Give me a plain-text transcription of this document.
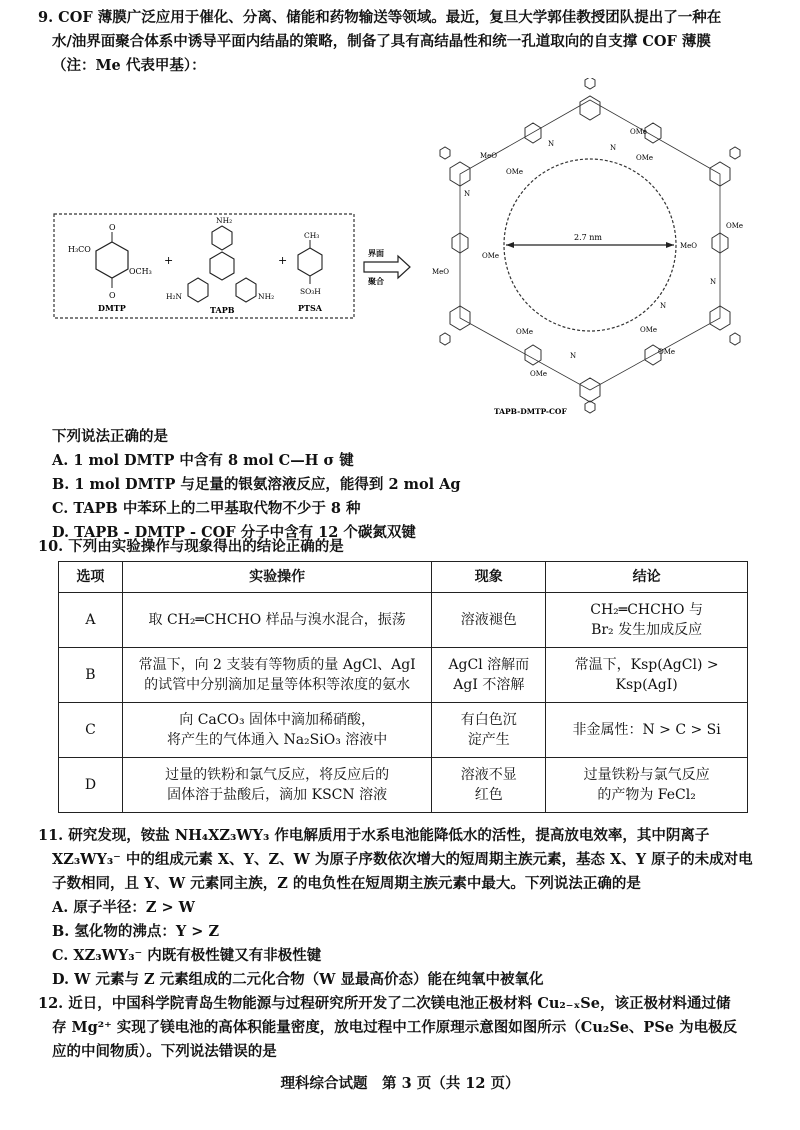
9. COF 薄膜广泛应用于催化、分离、储能和药物输送等领域。最近，复旦大学郭佳教授团队提出了一种在
水/油界面聚合体系中诱导平面内结晶的策略，制备了具有高结晶性和统一孔道取向的自支撑 COF 薄膜
（注：Me 代表甲基）：
O
O
H₃CO
OCH₃
DMTP
+
NH₂
H₂N	NH₂
TAPB
+
CH₃
SO₃H
PTSA
界面
聚合
2.7 nm
OMe
OMe
MeO
OMe
OMe
MeO
MeO
OMe
OMe
OMe
OMe
OMe
N
N
N
N
N
N
TAPB-DMTP-COF
下列说法正确的是
A. 1 mol DMTP 中含有 8 mol C—H σ 键
B. 1 mol DMTP 与足量的银氨溶液反应，能得到 2 mol Ag
C. TAPB 中苯环上的二甲基取代物不少于 8 种
D. TAPB - DMTP - COF 分子中含有 12 个碳氮双键
10. 下列由实验操作与现象得出的结论正确的是
选项	实验操作	现象	结论
A	取 CH₂═CHCHO 样品与溴水混合，振荡	溶液褪色	CH₂═CHCHO 与
Br₂ 发生加成反应

B	常温下，向 2 支装有等物质的量 AgCl、AgI
的试管中分别滴加足量等体积等浓度的氨水	AgCl 溶解而
AgI 不溶解	常温下，Ksp(AgCl) > Ksp(AgI)

C	向 CaCO₃ 固体中滴加稀硝酸，
将产生的气体通入 Na₂SiO₃ 溶液中	有白色沉
淀产生	非金属性：N > C > Si

D	过量的铁粉和氯气反应，将反应后的
固体溶于盐酸后，滴加 KSCN 溶液	溶液不显
红色	过量铁粉与氯气反应
的产物为 FeCl₂
11. 研究发现，铵盐 NH₄XZ₃WY₃ 作电解质用于水系电池能降低水的活性，提高放电效率，其中阴离子
XZ₃WY₃⁻ 中的组成元素 X、Y、Z、W 为原子序数依次增大的短周期主族元素，基态 X、Y 原子的未成对电
子数相同，且 Y、W 元素同主族，Z 的电负性在短周期主族元素中最大。下列说法正确的是
A. 原子半径：Z > W
B. 氢化物的沸点：Y > Z
C. XZ₃WY₃⁻ 内既有极性键又有非极性键
D. W 元素与 Z 元素组成的二元化合物（W 显最高价态）能在纯氧中被氧化
12. 近日，中国科学院青岛生物能源与过程研究所开发了二次镁电池正极材料 Cu₂₋ₓSe，该正极材料通过储
存 Mg²⁺ 实现了镁电池的高体积能量密度，放电过程中工作原理示意图如图所示（Cu₂Se、PSe 为电极反
应的中间物质）。下列说法错误的是
理科综合试题　第 3 页（共 12 页）
